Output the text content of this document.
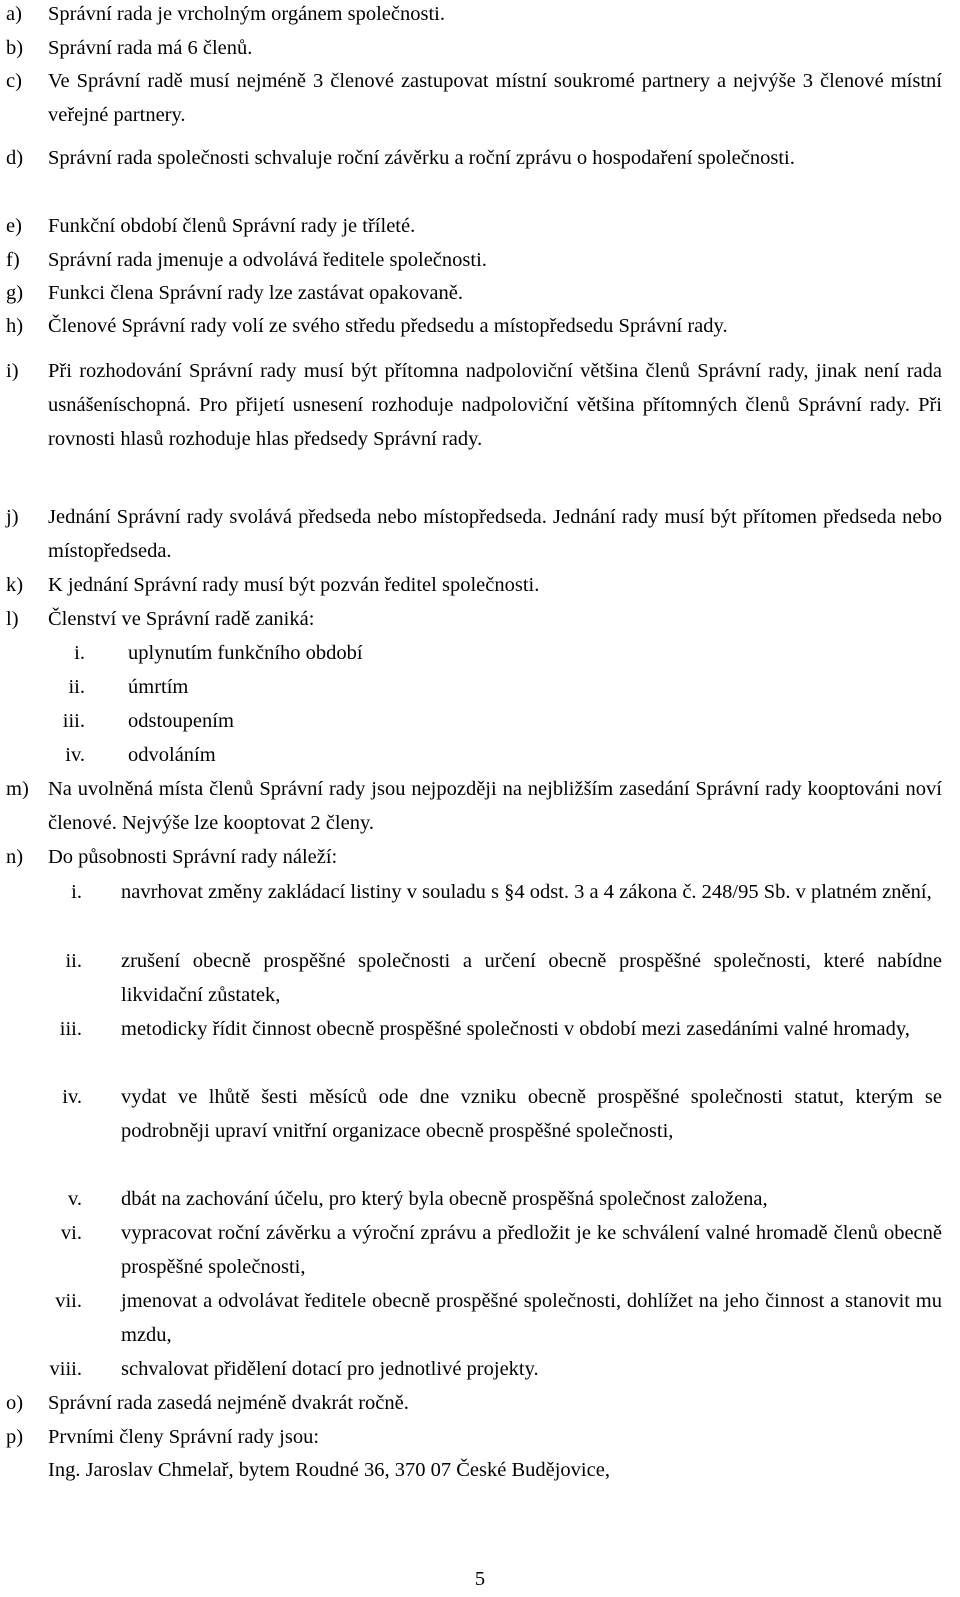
a) Správní rada je vrcholným orgánem společnosti.
b) Správní rada má 6 členů.
c) Ve Správní radě musí nejméně 3 členové zastupovat místní soukromé partnery a nejvýše 3 členové místní veřejné partnery.
d) Správní rada společnosti schvaluje roční závěrku a roční zprávu o hospodaření společnosti.
e) Funkční období členů Správní rady je tříleté.
f) Správní rada jmenuje a odvolává ředitele společnosti.
g) Funkci člena Správní rady lze zastávat opakovaně.
h) Členové Správní rady volí ze svého středu předsedu a místopředsedu Správní rady.
i) Při rozhodování Správní rady musí být přítomna nadpoloviční většina členů Správní rady, jinak není rada usnášeníschopná. Pro přijetí usnesení rozhoduje nadpoloviční většina přítomných členů Správní rady. Při rovnosti hlasů rozhoduje hlas předsedy Správní rady.
j) Jednání Správní rady svolává předseda nebo místopředseda. Jednání rady musí být přítomen předseda nebo místopředseda.
k) K jednání Správní rady musí být pozván ředitel společnosti.
l) Členství ve Správní radě zaniká:
i. uplynutím funkčního období
ii. úmrtím
iii. odstoupením
iv. odvoláním
m) Na uvolněná místa členů Správní rady jsou nejpozději na nejbližším zasedání Správní rady kooptováni noví členové. Nejvýše lze kooptovat 2 členy.
n) Do působnosti Správní rady náleží:
i. navrhovat změny zakládací listiny v souladu s §4 odst. 3 a 4 zákona č. 248/95 Sb. v platném znění,
ii. zrušení obecně prospěšné společnosti a určení obecně prospěšné společnosti, které nabídne likvidační zůstatek,
iii. metodicky řídit činnost obecně prospěšné společnosti v období mezi zasedáními valné hromady,
iv. vydat ve lhůtě šesti měsíců ode dne vzniku obecně prospěšné společnosti statut, kterým se podrobněji upraví vnitřní organizace obecně prospěšné společnosti,
v. dbát na zachování účelu, pro který byla obecně prospěšná společnost založena,
vi. vypracovat roční závěrku a výroční zprávu a předložit je ke schválení valné hromadě členů obecně prospěšné společnosti,
vii. jmenovat a odvolávat ředitele obecně prospěšné společnosti, dohlížet na jeho činnost a stanovit mu mzdu,
viii. schvalovat přidělení dotací pro jednotlivé projekty.
o) Správní rada zasedá nejméně dvakrát ročně.
p) Prvními členy Správní rady jsou:
Ing. Jaroslav Chmelař, bytem Roudné 36, 370 07 České Budějovice,
5
